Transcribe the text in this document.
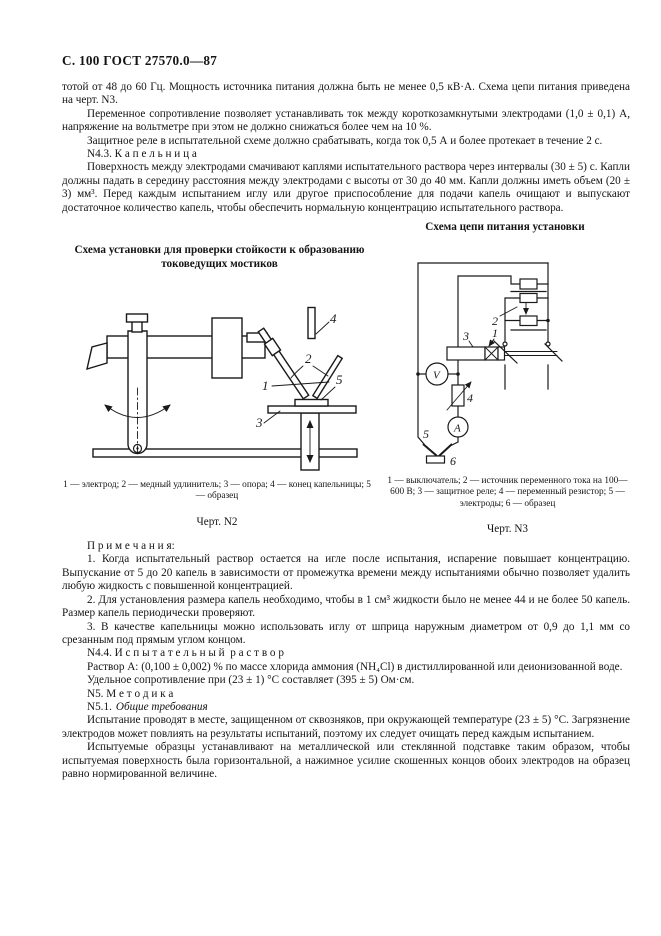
С. 100 ГОСТ 27570.0—87

тотой от 48 до 60 Гц. Мощность источника питания должна быть не менее 0,5 кВ·А. Схема цепи питания приведена на черт. N3.

Переменное сопротивление позволяет устанавливать ток между короткозамкнутыми электродами (1,0 ± 0,1) А, напряжение на вольтметре при этом не должно снижаться более чем на 10 %.

Защитное реле в испытательной схеме должно срабатывать, когда ток 0,5 А и более протекает в течение 2 с.

N4.3. К а п е л ь н и ц а

Поверхность между электродами смачивают каплями испытательного раствора через интервалы (30 ± 5) с. Капли должны падать в середину расстояния между электродами с высоты от 30 до 40 мм. Капли должны иметь объем (20 ± 3) мм³. Перед каждым испытанием иглу или другое приспособление для подачи капель очищают и выпускают достаточное количество капель, чтобы обеспечить нормальную концентрацию испытательного раствора.

Схема цепи питания установки
Схема установки для проверки стойкости к образованию токоведущих мостиков
4
2
1	5
3
V
A
2
3 1
4
5
6
1 — электрод; 2 — медный удлинитель; 3 — опора; 4 — конец капельницы; 5 — образец
1 — выключатель; 2 — источник переменного тока на 100—600 В; 3 — защитное реле; 4 — переменный резистор; 5 — электроды; 6 — образец
Черт. N2
Черт. N3

П р и м е ч а н и я:

1. Когда испытательный раствор остается на игле после испытания, испарение повышает концентрацию. Выпускание от 5 до 20 капель в зависимости от промежутка времени между испытаниями обычно позволяет удалить любую жидкость с повышенной концентрацией.

2. Для установления размера капель необходимо, чтобы в 1 см³ жидкости было не менее 44 и не более 50 капель. Размер капель периодически проверяют.

3. В качестве капельницы можно использовать иглу от шприца наружным диаметром от 0,9 до 1,1 мм со срезанным под прямым углом концом.

N4.4. И с п ы т а т е л ь н ы й  р а с т в о р

Раствор А: (0,100 ± 0,002) % по массе хлорида аммония (NH₄Cl) в дистиллированной или деионизованной воде.

Удельное сопротивление при (23 ± 1) °С составляет (395 ± 5) Ом·см.

N5. М е т о д и к а

N5.1. Общие требования

Испытание проводят в месте, защищенном от сквозняков, при окружающей температуре (23 ± 5) °С. Загрязнение электродов может повлиять на результаты испытаний, поэтому их следует очищать перед каждым испытанием.

Испытуемые образцы устанавливают на металлической или стеклянной подставке таким образом, чтобы испытуемая поверхность была горизонтальной, а нажимное усилие скошенных концов обоих электродов на образец равно нормированной величине.
